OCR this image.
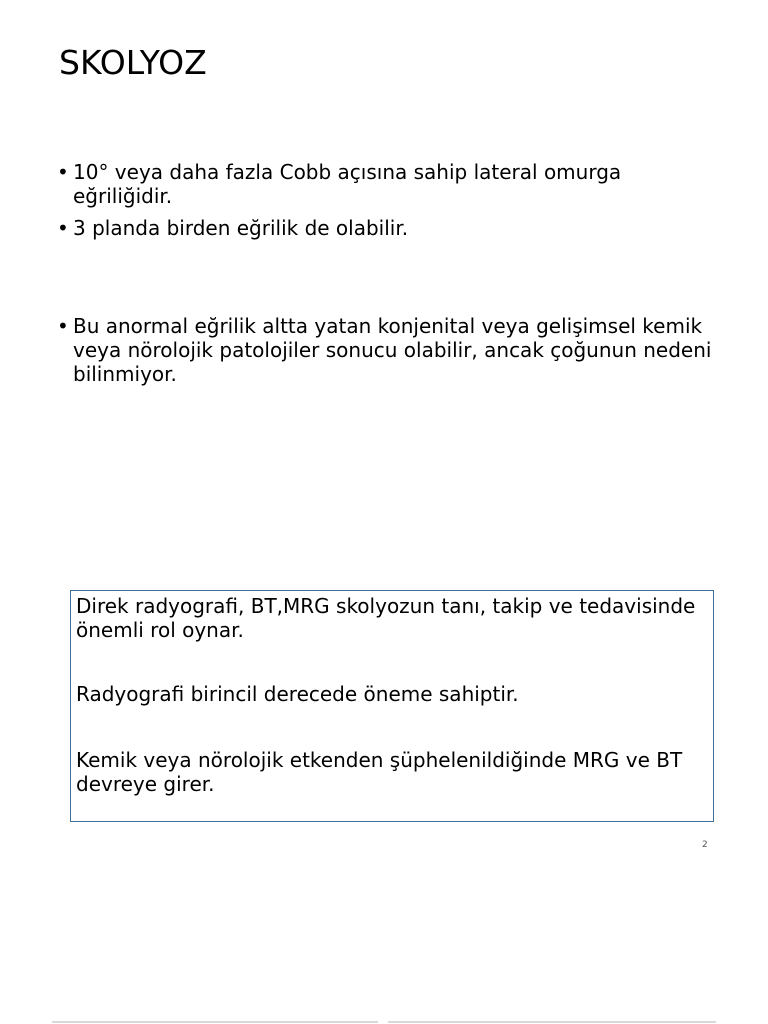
SKOLYOZ
• 10° veya daha fazla Cobb açısına sahip lateral omurga eğriliğidir.
• 3 planda birden eğrilik de olabilir.
• Bu anormal eğrilik altta yatan konjenital veya gelişimsel kemik veya nörolojik patolojiler sonucu olabilir, ancak çoğunun nedeni bilinmiyor.

Direk radyografi, BT,MRG skolyozun tanı, takip ve tedavisinde önemli rol oynar.

Radyografi birincil derecede öneme sahiptir.

Kemik veya nörolojik etkenden şüphelenildiğinde MRG ve BT devreye girer.

2
